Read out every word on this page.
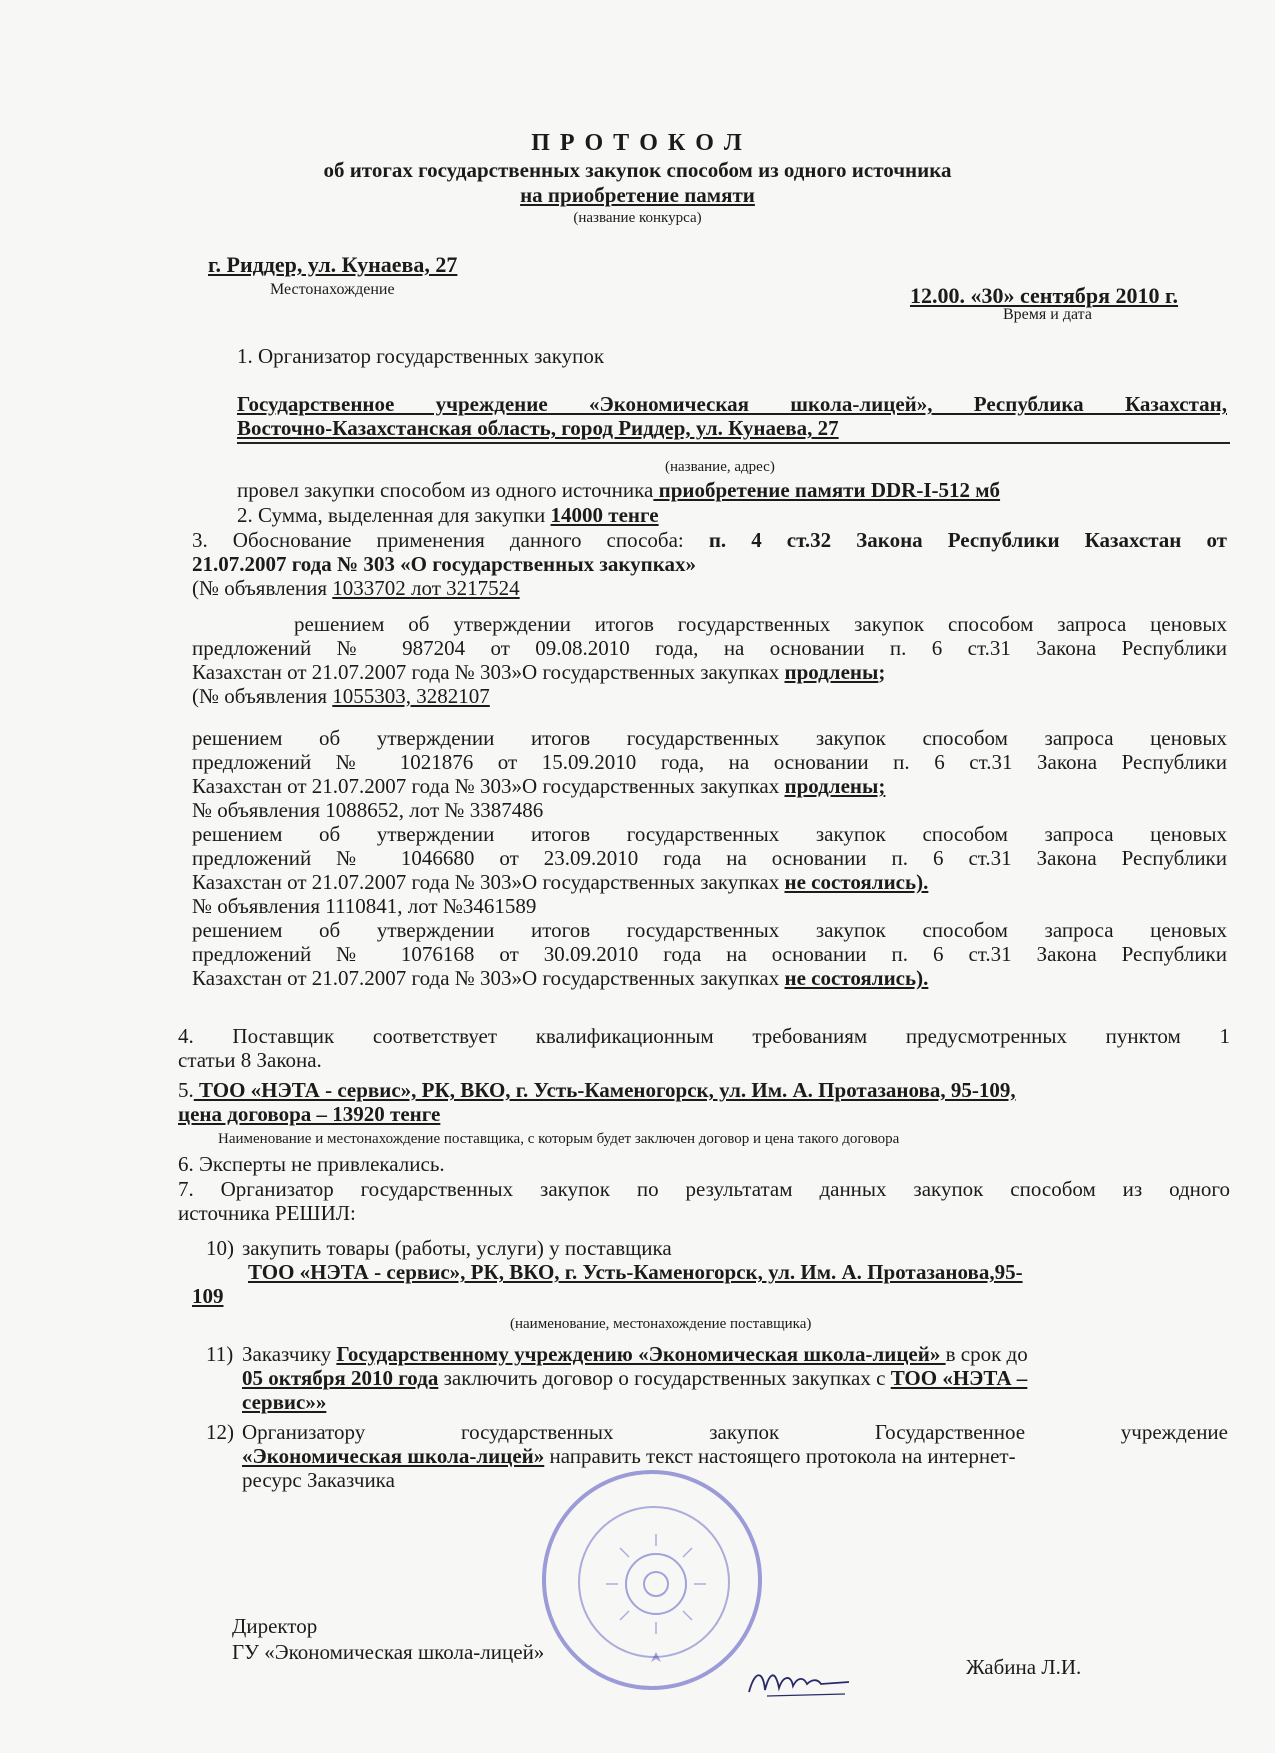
П Р О Т О К О Л
об итогах государственных закупок способом из одного источника
на приобретение памяти
(название конкурса)
г. Риддер, ул. Кунаева, 27
Местонахождение	12.00. «30» сентября 2010 г.
Время и дата
1. Организатор государственных закупок
Государственное учреждение «Экономическая школа-лицей», Республика Казахстан,
Восточно-Казахстанская область, город Риддер, ул. Кунаева, 27
(название, адрес)
провел закупки способом из одного источника приобретение памяти DDR-I-512 мб
2. Сумма, выделенная для закупки 14000 тенге
3. Обоснование применения данного способа: п. 4 ст.32 Закона Республики Казахстан от
21.07.2007 года № 303 «О государственных закупках»
(№ объявления 1033702 лот 3217524
решением об утверждении итогов государственных закупок способом запроса ценовых
предложений № 987204 от 09.08.2010 года, на основании п. 6 ст.31 Закона Республики
Казахстан от 21.07.2007 года № 303»О государственных закупках продлены;
(№ объявления 1055303, 3282107
решением об утверждении итогов государственных закупок способом запроса ценовых
предложений № 1021876 от 15.09.2010 года, на основании п. 6 ст.31 Закона Республики
Казахстан от 21.07.2007 года № 303»О государственных закупках продлены;
№ объявления 1088652, лот № 3387486
решением об утверждении итогов государственных закупок способом запроса ценовых
предложений № 1046680 от 23.09.2010 года на основании п. 6 ст.31 Закона Республики
Казахстан от 21.07.2007 года № 303»О государственных закупках не состоялись).
№ объявления 1110841, лот №3461589
решением об утверждении итогов государственных закупок способом запроса ценовых
предложений № 1076168 от 30.09.2010 года на основании п. 6 ст.31 Закона Республики
Казахстан от 21.07.2007 года № 303»О государственных закупках не состоялись).
4. Поставщик соответствует квалификационным требованиям предусмотренных пунктом 1
статьи 8 Закона.
5. ТОО «НЭТА - сервис», РК, ВКО, г. Усть-Каменогорск, ул. Им. А. Протазанова, 95-109,
цена договора – 13920 тенге
Наименование и местонахождение поставщика, с которым будет заключен договор и цена такого договора
6. Эксперты не привлекались.
7. Организатор государственных закупок по результатам данных закупок способом из одного
источника РЕШИЛ:
10) закупить товары (работы, услуги) у поставщика
ТОО «НЭТА - сервис», РК, ВКО, г. Усть-Каменогорск, ул. Им. А. Протазанова,95-
109
(наименование, местонахождение поставщика)
11) Заказчику Государственному учреждению «Экономическая школа-лицей» в срок до
05 октября 2010 года заключить договор о государственных закупках с ТОО «НЭТА –
сервис»»
12) Организатору государственных закупок Государственное учреждение
«Экономическая школа-лицей» направить текст настоящего протокола на интернет-
ресурс Заказчика
Директор
ГУ «Экономическая школа-лицей»
Жабина Л.И.
